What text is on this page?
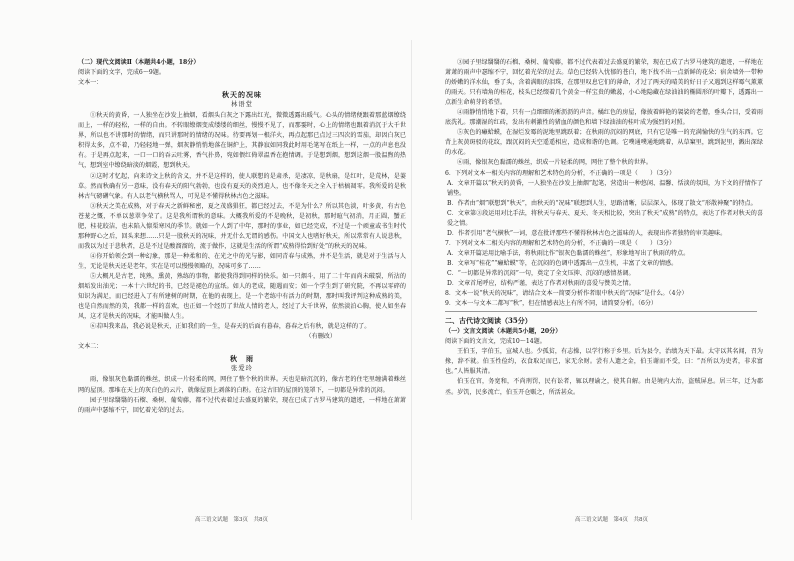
（二）现代文阅读Ⅱ（本题共4小题，18分）

阅读下面的文字，完成6～9题。

文本一：

秋天的况味

林语堂

①秋天的黄昏，一人独坐在沙发上抽烟，看烟头白灰之下露出红光，微微透露出暖气。心头的情绪便跟着那蓝烟缭绕而上，一样的轻松，一样的自由。不转眼缭烟变成缕缕的细丝，慢慢不见了，而那霎时，心上的情绪也跟着消沉于大千世界，所以也不讲那时的情绪，而只讲那时的情绪的况味。待要再划一根洋火，再点起那已点过三四次的雪茄，却因白灰已积得太多，点不着，乃轻轻地一弹，烟灰静悄悄地落在铜炉上，其静寂如同我此时用毛笔写在纸上一样，一点的声息也没有。于是再点起来，一口一口的吞云吐雾，香气扑鼻，宛如偎红倚翠温香在抱情调。于是想到烟，想到这烟一股温煦的热气，想到室中缭绕暗淡的烟霞，想到秋天。

②这时才忆起，向来诗文上秋的含义，并不是这样的，使人联想的是肃杀，是凄凉，是秋扇，是红叶，是荒林，是萋草。然而秋确有另一意味，没有春天的阳气勃勃，也没有夏天的炎烈迫人，也不像冬天之全入于枯槁凋零。我所爱的是秋林古气磅礴气象。有人以老气横秋骂人，可见是不懂得秋林古色之滋味。

③秋天之美在成熟，对于春天之新鲜秘密，夏之茂盛猖狂，都已经过去，不是为什么？所以其色淡，叶多黄，有古色苍茏之慨，不单以葱翠争荣了。这是我所谓秋的意味。大概我所爱的不是晚秋，是初秋，那时暄气初消，月正圆，蟹正肥，桂花皎洁，也未陷入懔栗寒风的季节。就如一个人到了中年，那时的事业，如已经完成，不过是一个顽童或书生时代那种野心之后，回头来想……只是一股秋天的况味，并无什么无谓的感伤。中国文人也嗜好秋天，所以常常有人说悲秋，而我以为过于悲秋者，总是不过是酸溜溜的，流于做作，这就是生活的所谓“成熟得恰到好处”的秋天的况味。

④你开始领会到一种幻象，那是一种柔和的、在光之中的光与影，如同青春与成熟，并不是生活，就是对于生活与人生，无论是秋天还是老年，实在是可以慢慢领略的，况味可多了……

⑤大概凡是古老，纯熟，熏黄，熟练的事物，都使我得到同样的快乐。如一只烟斗，用了二十年而尚未破裂，所沾的烟垢发出油光；一本十六世纪的书，已经是褪色的宣纸。如人的老成，随遇而安；如一个学生到了研究院，不再以零碎的知识为满足，而已经进入了有所建树的时期，在他的表现上，是一个老练中有活力的时期，那时叫我评判这种成熟的美，也是自然而然的美，我都一样的喜欢，也正如一个经历了世故人情的老人，经过了大千世界，依然淡泊心胸，使人如坐春风，这才是秋天的况味，才能叫做人生。

⑥若叫我来品，我必说是秋天，正如我们的一生，是春天的后面有暮春，暮春之后有秋，就是这样的了。

（有删改）

文本二：

秋　雨

张爱玲

雨，像银灰色黏濡的蛛丝，织成一片轻柔的网，网住了整个秋的世界。天也是暗沉沉的，像古老的住宅里缠满着蛛丝网的屋顶。那堆在天上的灰白色的云片，就像屋顶上剥落的白粉。在这古旧的屋顶的笼罩下，一切都是异常的沉闷。

园子里绿翳翳的石榴、桑树、葡萄藤，都不过代表着过去盛夏的繁荣，现在已成了古罗马建筑的遗迹，一样地在萧萧的雨声中瑟缩不宁，回忆着光荣的过去。

高三语文试题　第3页　共8页

③园子里绿翳翳的石榴、桑树、葡萄藤，都不过代表着过去盛夏的繁荣，现在已成了古罗马建筑的遗迹，一样地在萧萧的雨声中瑟缩不宁，回忆着光荣的过去。草色已经转入忧郁的苍白，地下找不出一点新鲜的花朵；宿舍墙外一带种的娇嫩的洋水仙，垂了头，含着满眼的泪珠，在那里叹息它们的薄命，才过了两天的晴美的好日子又遇到这样霉气薰薰的雨天。只有墙角的桂花，枝头已经缀着几个黄金一样宝贵的嫩蕊，小心地隐藏在绿油油的椭圆形的叶瓣下，透露出一点新生命萌芽的希望。

④雨静悄悄地下着，只有一点细细的淅沥沥的声音。橘红色的房屋，像披着鲜艳的袈裟的老僧，垂头合目，受着雨底洗礼。那潮湿的红砖，发出有刺激性的猪血的颜色和墙下绿油油的桂叶成为强烈的对照。

⑤灰色的癞蛤蟆，在湿烂发霉的泥地里跳跃着；在秋雨的沉闷的网底，只有它是唯一的充满愉快的生气的东西。它背上灰黄斑驳的花纹，跟沉闷的天空遥遥相应，造成和谐的色调。它噗通噗通地跳着，从草窠里，跳到泥里，溅出深绿的水花。

⑥雨，像银灰色黏濡的蛛丝，织成一片轻柔的网，网住了整个秋的世界。

6．下列对文本一相关内容的理解和艺术特色的分析，不正确的一项是（　　）（3分）

A．文章开篇以“秋天的黄昏，一人独坐在沙发上抽烟”起笔，营造出一种悠闲、温馨、恬淡的氛围，为下文的抒情作了铺垫。

B．作者由“烟”联想到“秋天”，由秋天的“况味”联想到人生，思路清晰，层层深入，体现了散文“形散神聚”的特点。

C．文章第③段运用对比手法，将秋天与春天、夏天、冬天相比较，突出了秋天“成熟”的特点，表达了作者对秋天的喜爱之情。

D．作者引用“老气横秋”一词，意在批评那些不懂得秋林古色之滋味的人，表现出作者独特的审美趣味。

7．下列对文本二相关内容的理解和艺术特色的分析，不正确的一项是（　　）（3分）

A．文章开篇运用比喻手法，将秋雨比作“银灰色黏濡的蛛丝”，形象地写出了秋雨的特点。

B．文章写“桂花”“癞蛤蟆”等，在沉闷的色调中透露出一点生机，丰富了文章的情感。

C．“一切都是异常的沉闷”一句，奠定了全文压抑、沉闷的感情基调。

D．文章首尾呼应，结构严谨，表达了作者对秋雨的喜爱与赞美之情。

8．文本一说“秋天的况味”，请结合文本一简要分析作者眼中秋天的“况味”是什么。（4分）

9．文本一与文本二都写“秋”，但在情感表达上有所不同，请简要分析。（6分）

二、古代诗文阅读（35分）

（一）文言文阅读（本题共5小题，20分）

阅读下面的文言文，完成10～14题。

王伯玉，字伯玉，宣城人也。少孤贫，有志操，以学行称于乡里。后为县令，治绩为天下最。太守以其名闻，召为掾，辞不就。伯玉性俭约，衣食取足而已，家无余财。尝有人遗之金，伯玉谢而不受，曰：“吾所以为吏者，非求富也。”人皆服其清。

伯玉在官，务宽和，不尚刑罚，民有讼者，辄以理谕之，使其自解。由是境内大治，盗贼屏息。居三年，迁为郡丞。岁饥，民多流亡，伯玉开仓赈之，所活甚众。

高三语文试题　第4页　共8页
